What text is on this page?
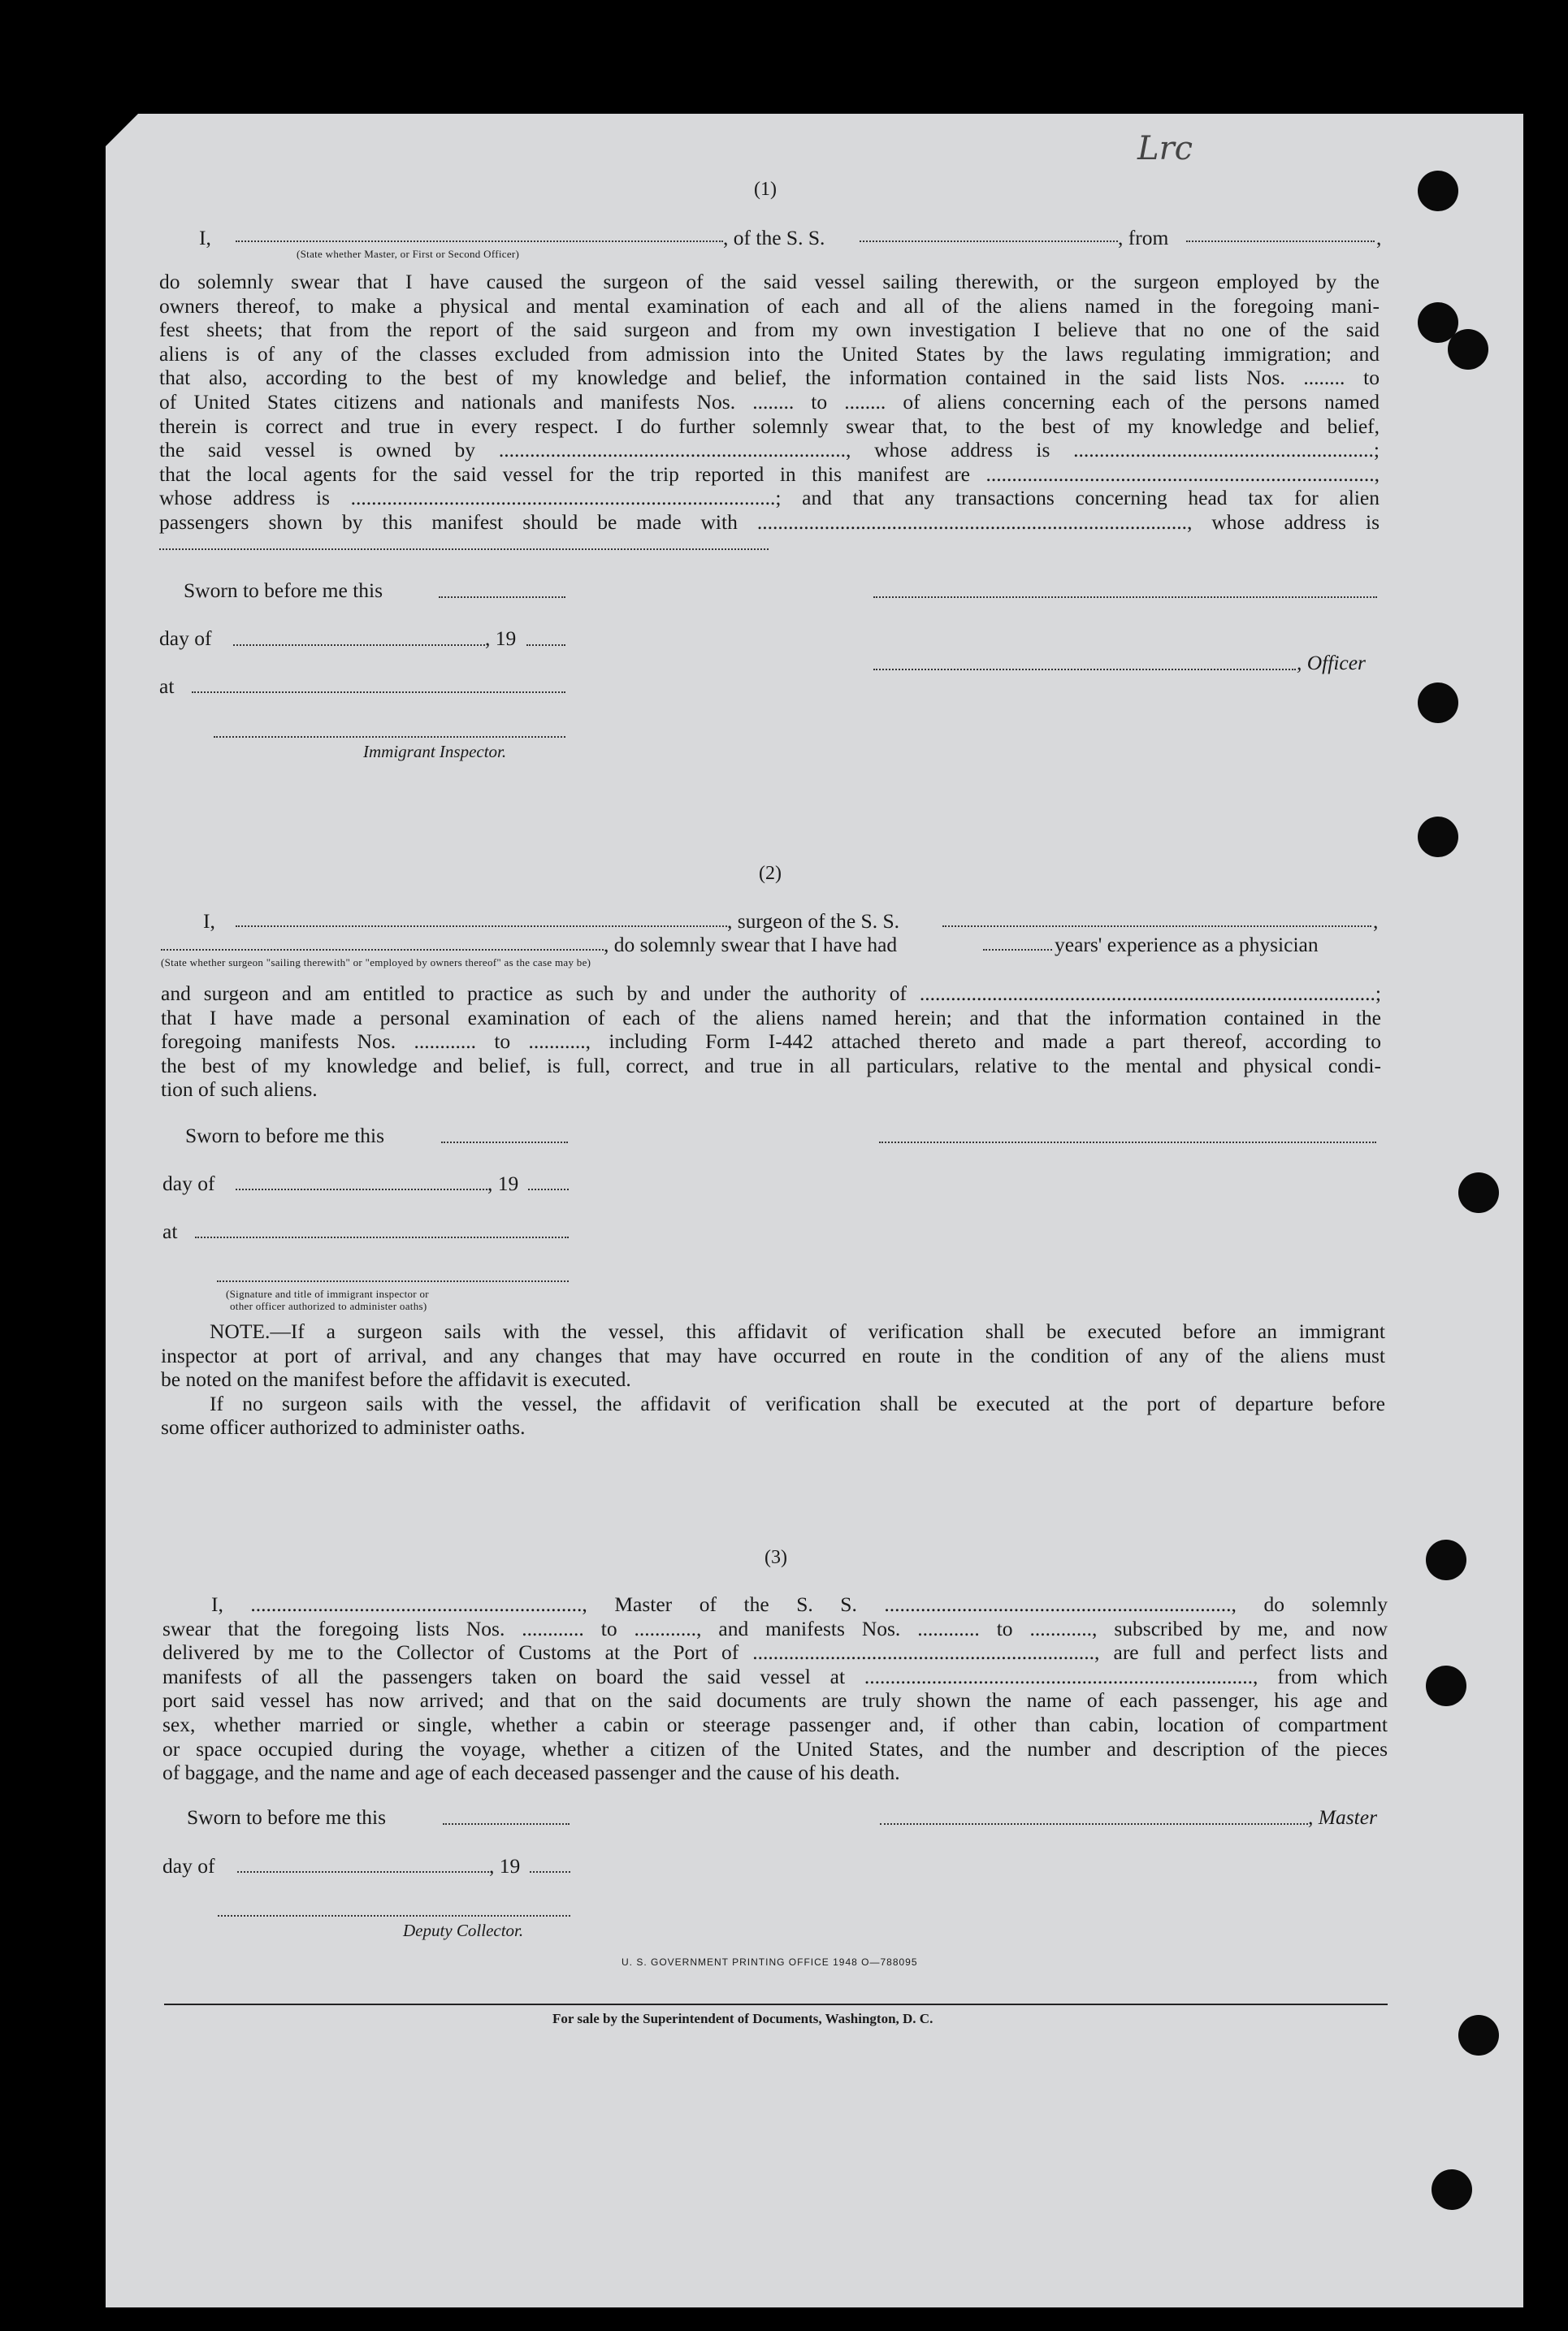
Lrc
(1)
I,
(State whether Master, or First or Second Officer)
, of the S. S.	, from	,
do solemnly swear that I have caused the surgeon of the said vessel sailing therewith, or the surgeon employed by the
owners thereof, to make a physical and mental examination of each and all of the aliens named in the foregoing mani-
fest sheets; that from the report of the said surgeon and from my own investigation I believe that no one of the said
aliens is of any of the classes excluded from admission into the United States by the laws regulating immigration; and
that also, according to the best of my knowledge and belief, the information contained in the said lists Nos. ........ to
of United States citizens and nationals and manifests Nos. ........ to ........ of aliens concerning each of the persons named
therein is correct and true in every respect. I do further solemnly swear that, to the best of my knowledge and belief,
the said vessel is owned by ..................................................................., whose address is ..........................................................;
that the local agents for the said vessel for the trip reported in this manifest are ...........................................................................,
whose address is ..................................................................................; and that any transactions concerning head tax for alien
passengers shown by this manifest should be made with ..................................................................................., whose address is
Sworn to before me this
day of	, 19
, Officer
at
Immigrant Inspector.
(2)
I,	, surgeon of the S. S.	,
, do solemnly swear that I have had	years' experience as a physician
(State whether surgeon "sailing therewith" or "employed by owners thereof" as the case may be)
and surgeon and am entitled to practice as such by and under the authority of ........................................................................................;
that I have made a personal examination of each of the aliens named herein; and that the information contained in the
foregoing manifests Nos. ............ to ..........., including Form I-442 attached thereto and made a part thereof, according to
the best of my knowledge and belief, is full, correct, and true in all particulars, relative to the mental and physical condi-
tion of such aliens.
Sworn to before me this
day of	, 19
at
(Signature and title of immigrant inspector or
other officer authorized to administer oaths)
NOTE.—If a surgeon sails with the vessel, this affidavit of verification shall be executed before an immigrant
inspector at port of arrival, and any changes that may have occurred en route in the condition of any of the aliens must
be noted on the manifest before the affidavit is executed.
If no surgeon sails with the vessel, the affidavit of verification shall be executed at the port of departure before
some officer authorized to administer oaths.
(3)
I, ................................................................, Master of the S. S. ..................................................................., do solemnly
swear that the foregoing lists Nos. ............ to ............, and manifests Nos. ............ to ............, subscribed by me, and now
delivered by me to the Collector of Customs at the Port of .................................................................., are full and perfect lists and
manifests of all the passengers taken on board the said vessel at ..........................................................................., from which
port said vessel has now arrived; and that on the said documents are truly shown the name of each passenger, his age and
sex, whether married or single, whether a cabin or steerage passenger and, if other than cabin, location of compartment
or space occupied during the voyage, whether a citizen of the United States, and the number and description of the pieces
of baggage, and the name and age of each deceased passenger and the cause of his death.
Sworn to before me this	, Master
day of	, 19
Deputy Collector.
U. S. GOVERNMENT PRINTING OFFICE 1948 O—788095
For sale by the Superintendent of Documents, Washington, D. C.
